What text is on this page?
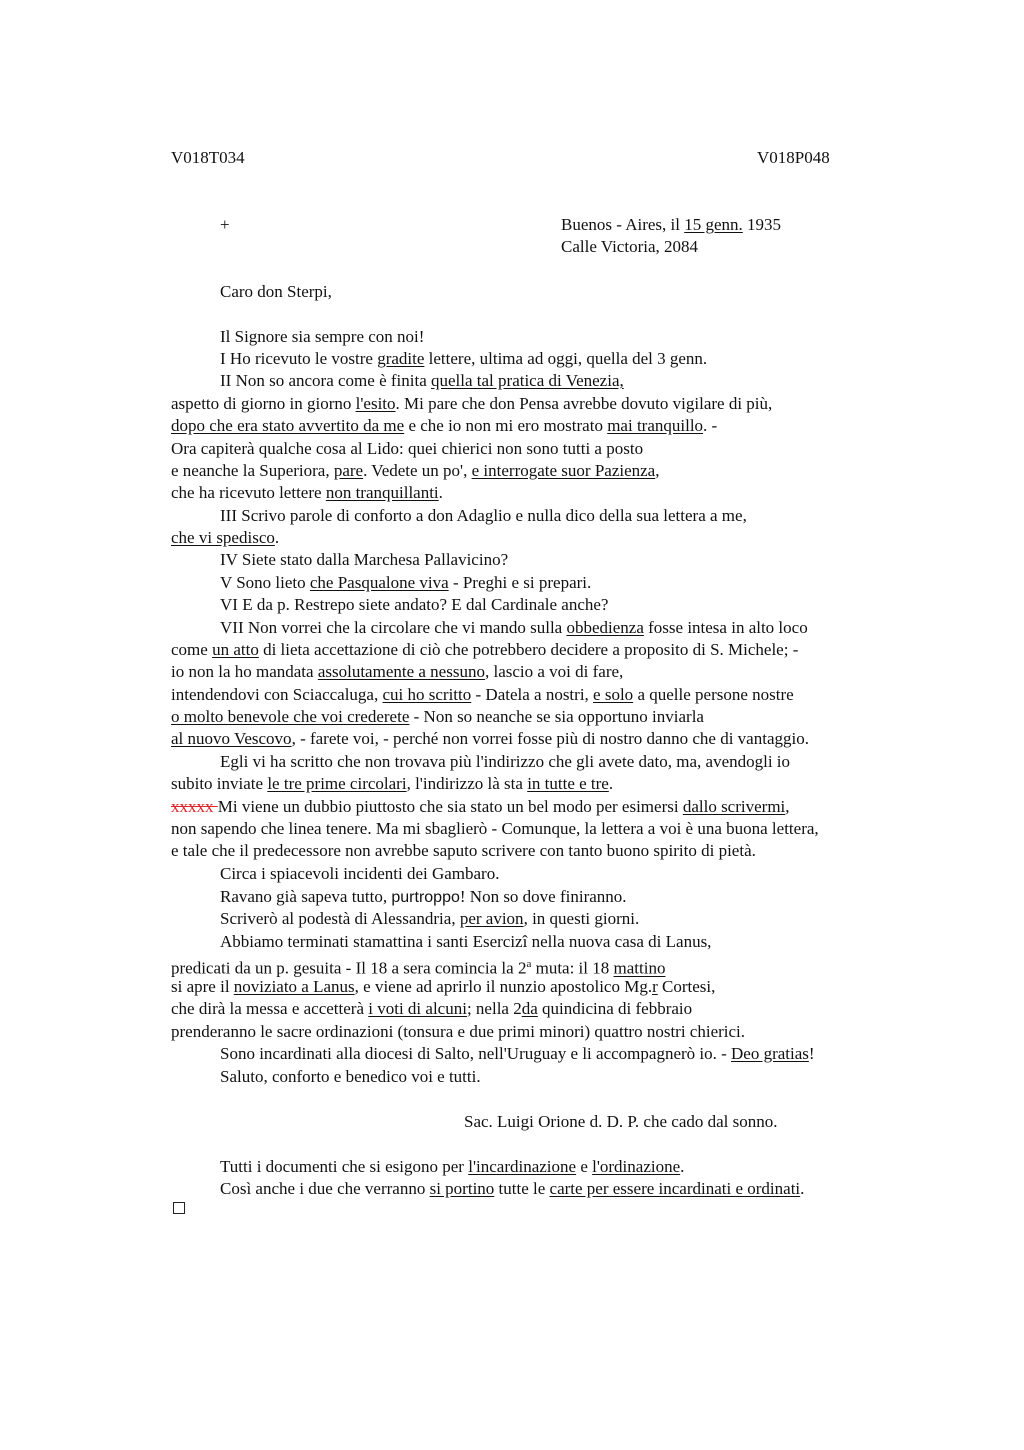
V018T034	V018P048
+	Buenos - Aires, il 15 genn. 1935
Calle Victoria, 2084
Caro don Sterpi,
Il Signore sia sempre con noi!
I Ho ricevuto le vostre gradite lettere, ultima ad oggi, quella del 3 genn.
II Non so ancora come è finita quella tal pratica di Venezia,
aspetto di giorno in giorno l'esito. Mi pare che don Pensa avrebbe dovuto vigilare di più,
dopo che era stato avvertito da me e che io non mi ero mostrato mai tranquillo. -
Ora capiterà qualche cosa al Lido: quei chierici non sono tutti a posto
e neanche la Superiora, pare. Vedete un po', e interrogate suor Pazienza,
che ha ricevuto lettere non tranquillanti.
III Scrivo parole di conforto a don Adaglio e nulla dico della sua lettera a me,
che vi spedisco.
IV Siete stato dalla Marchesa Pallavicino?
V Sono lieto che Pasqualone viva - Preghi e si prepari.
VI E da p. Restrepo siete andato? E dal Cardinale anche?
VII Non vorrei che la circolare che vi mando sulla obbedienza fosse intesa in alto loco
come un atto di lieta accettazione di ciò che potrebbero decidere a proposito di S. Michele; -
io non la ho mandata assolutamente a nessuno, lascio a voi di fare,
intendendovi con Sciaccaluga, cui ho scritto - Datela a nostri, e solo a quelle persone nostre
o molto benevole che voi crederete - Non so neanche se sia opportuno inviarla
al nuovo Vescovo, - farete voi, - perché non vorrei fosse più di nostro danno che di vantaggio.
Egli vi ha scritto che non trovava più l'indirizzo che gli avete dato, ma, avendogli io
subito inviate le tre prime circolari, l'indirizzo là sta in tutte e tre.
xxxxx Mi viene un dubbio piuttosto che sia stato un bel modo per esimersi dallo scrivermi,
non sapendo che linea tenere. Ma mi sbaglierò - Comunque, la lettera a voi è una buona lettera,
e tale che il predecessore non avrebbe saputo scrivere con tanto buono spirito di pietà.
Circa i spiacevoli incidenti dei Gambaro.
Ravano già sapeva tutto, purtroppo! Non so dove finiranno.
Scriverò al podestà di Alessandria, per avion, in questi giorni.
Abbiamo terminati stamattina i santi Esercizi nella nuova casa di Lanus,
predicati da un p. gesuita - Il 18 a sera comincia la 2$^a$ muta: il 18 mattino
si apre il noviziato a Lanus, e viene ad aprirlo il nunzio apostolico Mg.r Cortesi,
che dirà la messa e accetterà i voti di alcuni; nella 2da quindicina di febbraio
prenderanno le sacre ordinazioni (tonsura e due primi minori) quattro nostri chierici.
Sono incardinati alla diocesi di Salto, nell'Uruguay e li accompagnerò io. - Deo gratias!
Saluto, conforto e benedico voi e tutti.
Sac. Luigi Orione d. D. P. che cado dal sonno.
Tutti i documenti che si esigono per l'incardinazione e l'ordinazione.
Così anche i due che verranno si portino tutte le carte per essere incardinati e ordinati.
